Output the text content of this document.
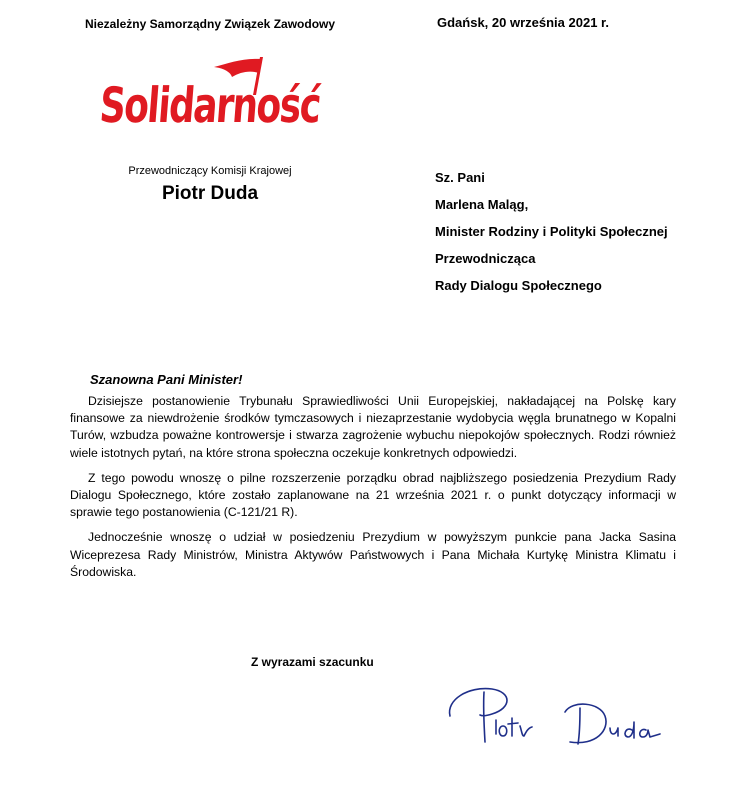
Niezależny Samorządny Związek Zawodowy	Gdańsk, 20 września 2021 r.
Solidarność
Przewodniczący Komisji Krajowej
Piotr Duda
Sz. Pani
Marlena Maląg,
Minister Rodziny i Polityki Społecznej
Przewodnicząca
Rady Dialogu Społecznego
Szanowna Pani Minister!

Dzisiejsze postanowienie Trybunału Sprawiedliwości Unii Europejskiej, nakładającej na Polskę kary finansowe za niewdrożenie środków tymczasowych i niezaprzestanie wydobycia węgla brunatnego w Kopalni Turów, wzbudza poważne kontrowersje i stwarza zagrożenie wybuchu niepokojów społecznych. Rodzi również wiele istotnych pytań, na które strona społeczna oczekuje konkretnych odpowiedzi.

Z tego powodu wnoszę o pilne rozszerzenie porządku obrad najbliższego posiedzenia Prezydium Rady Dialogu Społecznego, które zostało zaplanowane na 21 września 2021 r. o punkt dotyczący informacji w sprawie tego postanowienia (C-121/21 R).

Jednocześnie wnoszę o udział w posiedzeniu Prezydium w powyższym punkcie pana Jacka Sasina Wiceprezesa Rady Ministrów, Ministra Aktywów Państwowych i Pana Michała Kurtykę Ministra Klimatu i Środowiska.

Z wyrazami szacunku
